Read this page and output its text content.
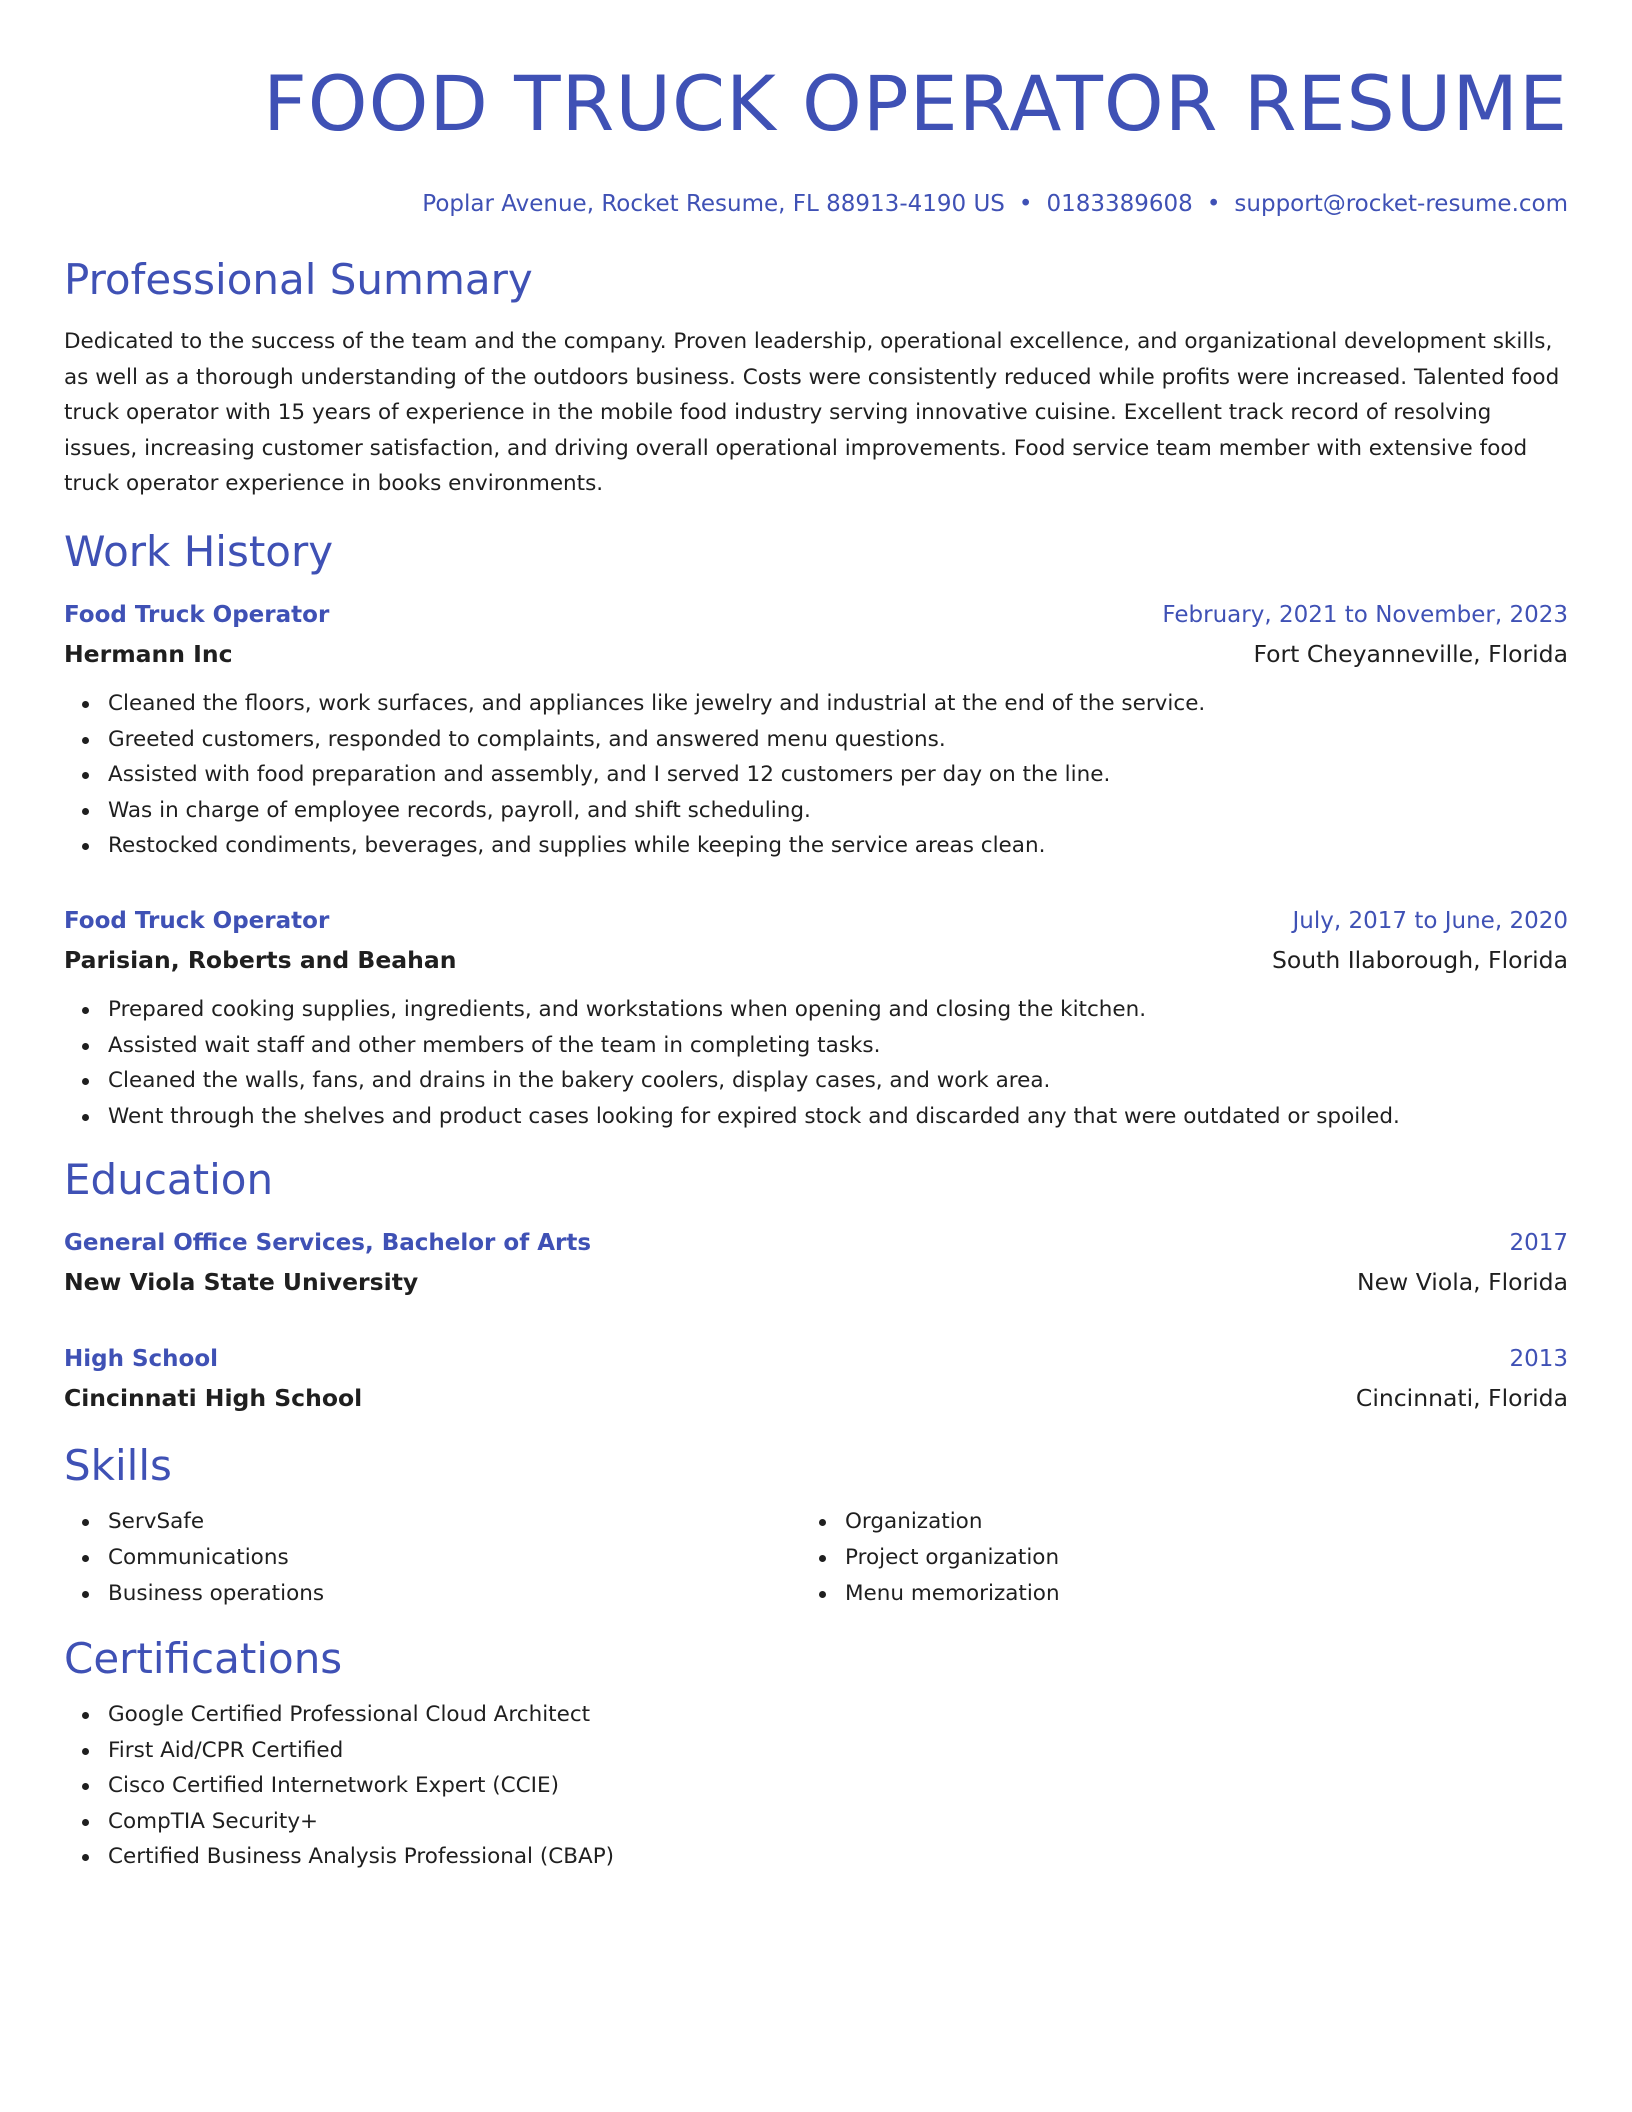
FOOD TRUCK OPERATOR RESUME
Poplar Avenue, Rocket Resume, FL 88913-4190 US • 0183389608 • support@rocket-resume.com
Professional Summary

Dedicated to the success of the team and the company. Proven leadership, operational excellence, and organizational development skills, as well as a thorough understanding of the outdoors business. Costs were consistently reduced while profits were increased. Talented food truck operator with 15 years of experience in the mobile food industry serving innovative cuisine. Excellent track record of resolving issues, increasing customer satisfaction, and driving overall operational improvements. Food service team member with extensive food truck operator experience in books environments.

Work History
Food Truck Operator	February, 2021 to November, 2023
Hermann Inc	Fort Cheyanneville, Florida
Cleaned the floors, work surfaces, and appliances like jewelry and industrial at the end of the service.
Greeted customers, responded to complaints, and answered menu questions.
Assisted with food preparation and assembly, and I served 12 customers per day on the line.
Was in charge of employee records, payroll, and shift scheduling.
Restocked condiments, beverages, and supplies while keeping the service areas clean.
Food Truck Operator	July, 2017 to June, 2020
Parisian, Roberts and Beahan	South Ilaborough, Florida
Prepared cooking supplies, ingredients, and workstations when opening and closing the kitchen.
Assisted wait staff and other members of the team in completing tasks.
Cleaned the walls, fans, and drains in the bakery coolers, display cases, and work area.
Went through the shelves and product cases looking for expired stock and discarded any that were outdated or spoiled.
Education
General Office Services, Bachelor of Arts	2017
New Viola State University	New Viola, Florida
High School	2013
Cincinnati High School	Cincinnati, Florida
Skills
ServSafe
Communications
Business operations
Organization
Project organization
Menu memorization
Certifications
Google Certified Professional Cloud Architect
First Aid/CPR Certified
Cisco Certified Internetwork Expert (CCIE)
CompTIA Security+
Certified Business Analysis Professional (CBAP)
